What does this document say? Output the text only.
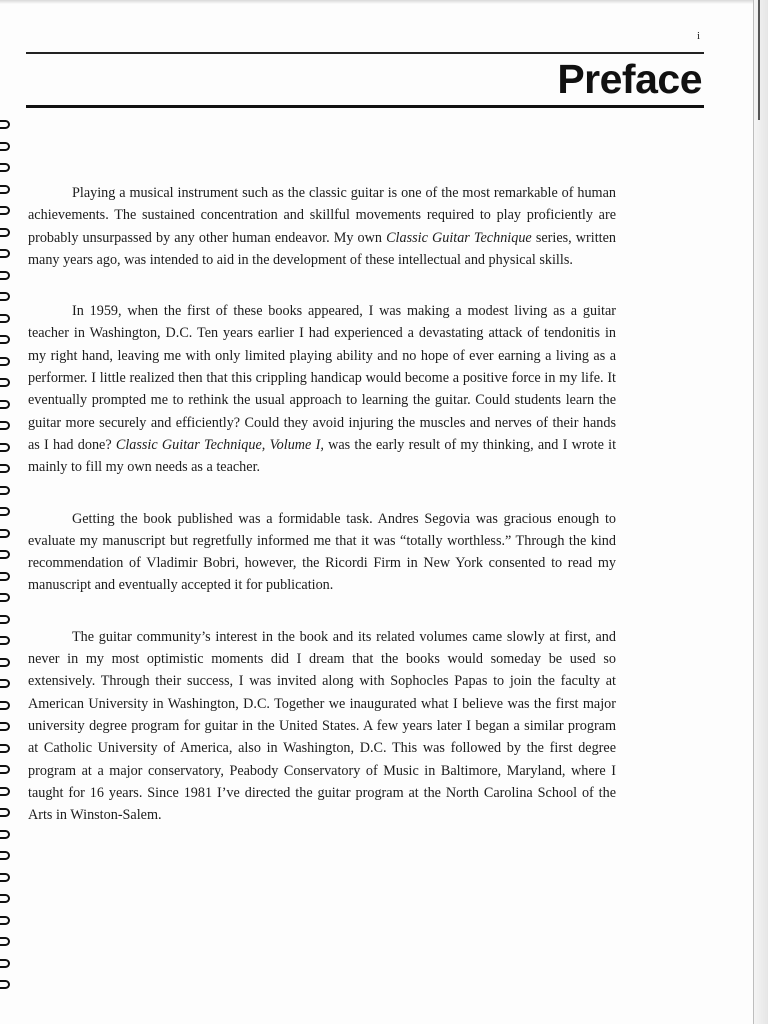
i
Preface

Playing a musical instrument such as the classic guitar is one of the most remarkable of human achievements. The sustained concentration and skillful movements required to play proficiently are probably unsurpassed by any other human endeavor. My own Classic Guitar Technique series, written many years ago, was intended to aid in the development of these intellectual and physical skills.

In 1959, when the first of these books appeared, I was making a modest living as a guitar teacher in Washington, D.C. Ten years earlier I had experienced a devastating attack of tendonitis in my right hand, leaving me with only limited playing ability and no hope of ever earning a living as a performer. I little realized then that this crippling handicap would become a positive force in my life. It eventually prompted me to rethink the usual approach to learning the guitar. Could students learn the guitar more securely and efficiently? Could they avoid injuring the muscles and nerves of their hands as I had done? Classic Guitar Technique, Volume I, was the early result of my thinking, and I wrote it mainly to fill my own needs as a teacher.

Getting the book published was a formidable task. Andres Segovia was gracious enough to evaluate my manuscript but regretfully informed me that it was “totally worthless.” Through the kind recommendation of Vladimir Bobri, however, the Ricordi Firm in New York consented to read my manuscript and eventually accepted it for publication.

The guitar community’s interest in the book and its related volumes came slowly at first, and never in my most optimistic moments did I dream that the books would someday be used so extensively. Through their success, I was invited along with Sophocles Papas to join the faculty at American University in Washington, D.C. Together we inaugurated what I believe was the first major university degree program for guitar in the United States. A few years later I began a similar program at Catholic University of America, also in Washington, D.C. This was followed by the first degree program at a major conservatory, Peabody Conservatory of Music in Baltimore, Maryland, where I taught for 16 years. Since 1981 I’ve directed the guitar program at the North Carolina School of the Arts in Winston-Salem.
